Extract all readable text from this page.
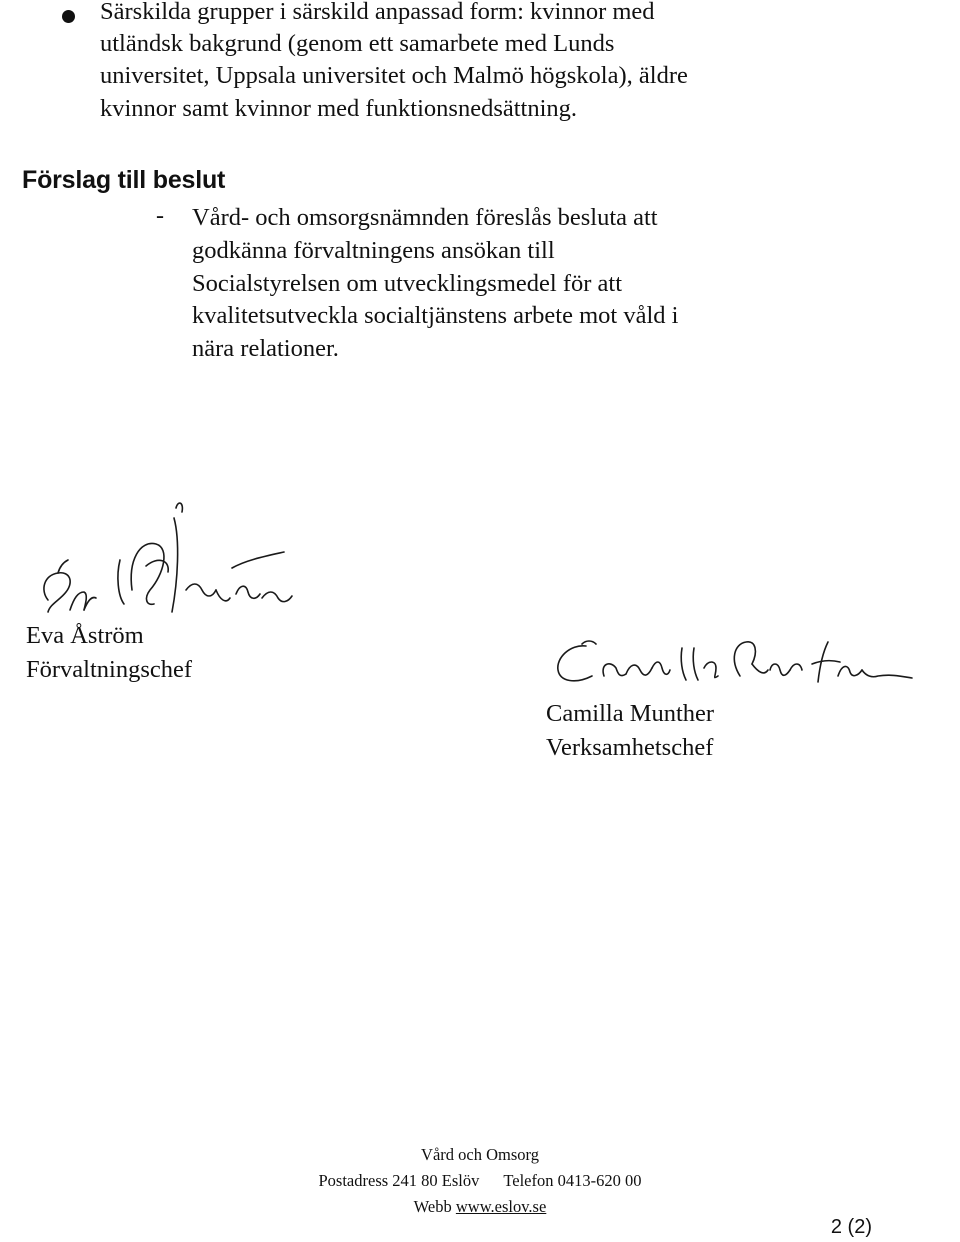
Särskilda grupper i särskild anpassad form: kvinnor med
utländsk bakgrund (genom ett samarbete med Lunds
universitet, Uppsala universitet och Malmö högskola), äldre
kvinnor samt kvinnor med funktionsnedsättning.
Förslag till beslut
- Vård- och omsorgsnämnden föreslås besluta att
godkänna förvaltningens ansökan till
Socialstyrelsen om utvecklingsmedel för att
kvalitetsutveckla socialtjänstens arbete mot våld i
nära relationer.
Eva Åström
Förvaltningschef
Camilla Munther
Verksamhetschef
Vård och Omsorg
Postadress 241 80 Eslöv Telefon 0413-620 00
Webb www.eslov.se
2 (2)
